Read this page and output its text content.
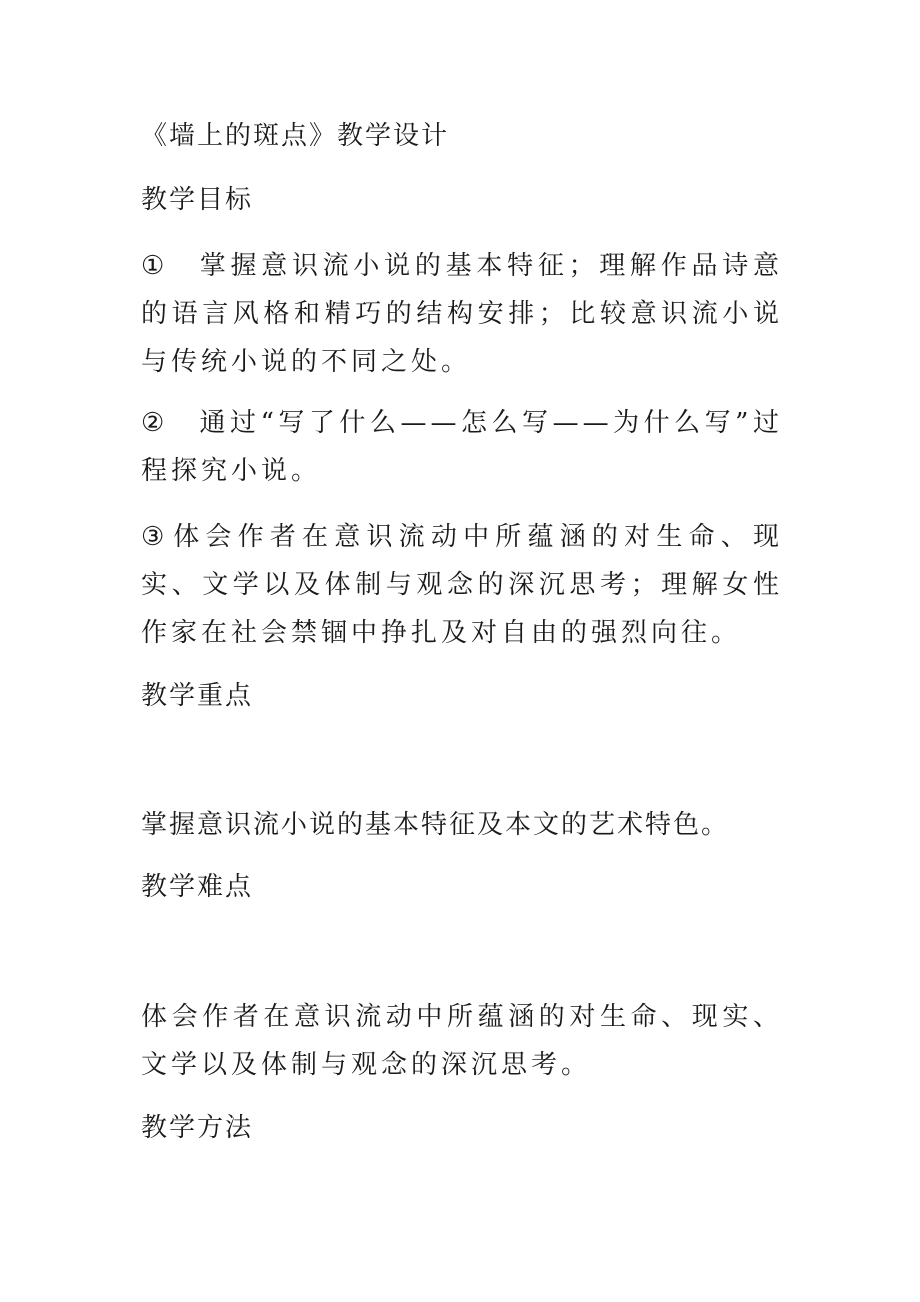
《墙上的斑点》教学设计
教学目标
① 掌握意识流小说的基本特征；理解作品诗意的语言风格和精巧的结构安排；比较意识流小说与传统小说的不同之处。
② 通过“写了什么——怎么写——为什么写”过程探究小说。
③ 体会作者在意识流动中所蕴涵的对生命、现实、文学以及体制与观念的深沉思考；理解女性作家在社会禁锢中挣扎及对自由的强烈向往。
教学重点
掌握意识流小说的基本特征及本文的艺术特色。
教学难点
体会作者在意识流动中所蕴涵的对生命、现实、文学以及体制与观念的深沉思考。
教学方法
